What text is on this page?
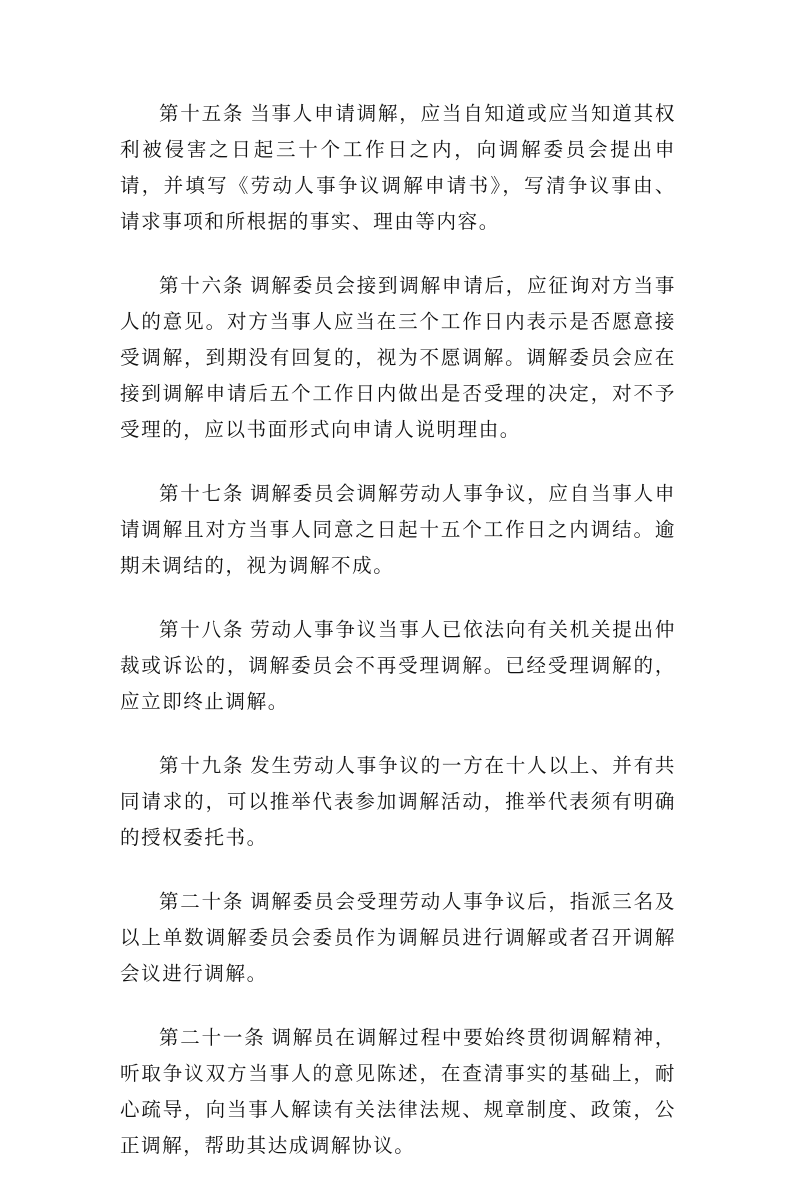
第十五条 当事人申请调解，应当自知道或应当知道其权利被侵害之日起三十个工作日之内，向调解委员会提出申请，并填写《劳动人事争议调解申请书》，写清争议事由、请求事项和所根据的事实、理由等内容。

第十六条 调解委员会接到调解申请后，应征询对方当事人的意见。对方当事人应当在三个工作日内表示是否愿意接受调解，到期没有回复的，视为不愿调解。调解委员会应在接到调解申请后五个工作日内做出是否受理的决定，对不予受理的，应以书面形式向申请人说明理由。

第十七条 调解委员会调解劳动人事争议，应自当事人申请调解且对方当事人同意之日起十五个工作日之内调结。逾期未调结的，视为调解不成。

第十八条 劳动人事争议当事人已依法向有关机关提出仲裁或诉讼的，调解委员会不再受理调解。已经受理调解的，应立即终止调解。

第十九条 发生劳动人事争议的一方在十人以上、并有共同请求的，可以推举代表参加调解活动，推举代表须有明确的授权委托书。

第二十条 调解委员会受理劳动人事争议后，指派三名及以上单数调解委员会委员作为调解员进行调解或者召开调解会议进行调解。

第二十一条 调解员在调解过程中要始终贯彻调解精神，听取争议双方当事人的意见陈述，在查清事实的基础上，耐心疏导，向当事人解读有关法律法规、规章制度、政策，公正调解，帮助其达成调解协议。
